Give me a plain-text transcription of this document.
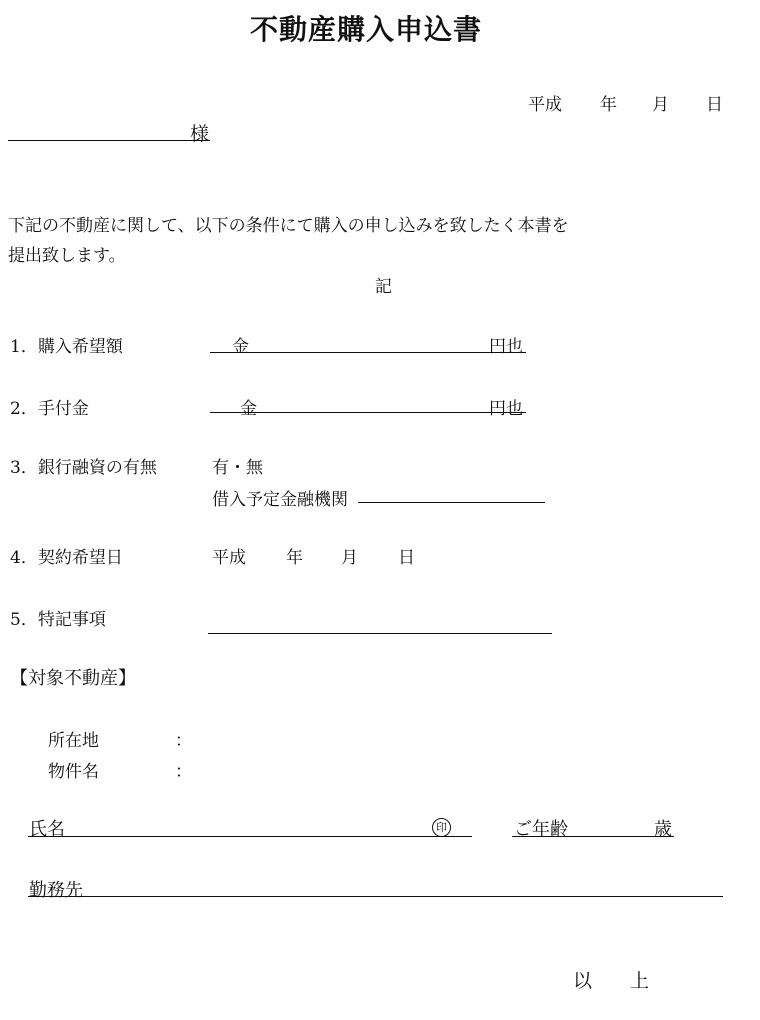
不動産購入申込書
平成 年 月 日
様
下記の不動産に関して、以下の条件にて購入の申し込みを致したく本書を
提出致します。
記
1．購入希望額	金	円也
2．手付金	金	円也
3．銀行融資の有無	有・無
借入予定金融機関
4．契約希望日	平成 年 月 日
5．特記事項
【対象不動産】
所在地	：
物件名	：
氏名	印	ご年齢	歳
勤務先
以　　上
